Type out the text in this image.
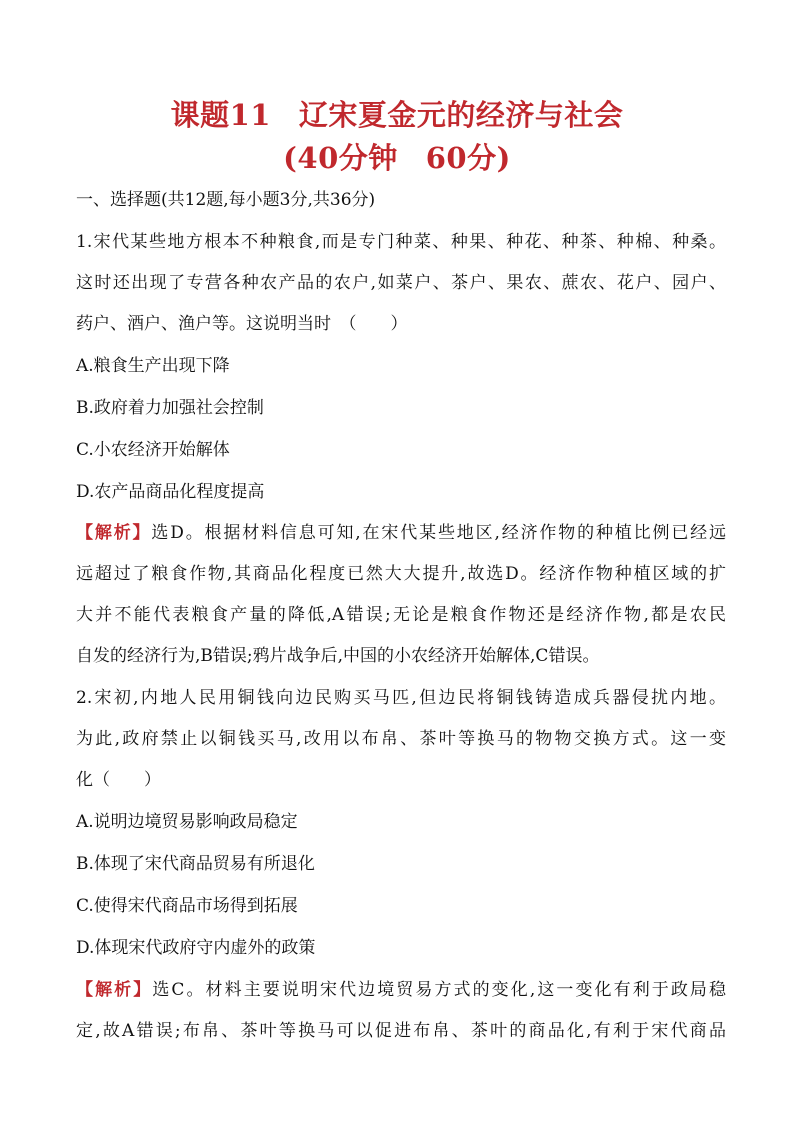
课题11 辽宋夏金元的经济与社会
(40分钟 60分)
一、选择题(共12题,每小题3分,共36分)
1.宋代某些地方根本不种粮食,而是专门种菜、种果、种花、种茶、种棉、种桑。
这时还出现了专营各种农产品的农户,如菜户、茶户、果农、蔗农、花户、园户、
药户、酒户、渔户等。这说明当时　（　　）
A.粮食生产出现下降
B.政府着力加强社会控制
C.小农经济开始解体
D.农产品商品化程度提高
【解析】选D。根据材料信息可知,在宋代某些地区,经济作物的种植比例已经远
远超过了粮食作物,其商品化程度已然大大提升,故选D。经济作物种植区域的扩
大并不能代表粮食产量的降低,A错误;无论是粮食作物还是经济作物,都是农民
自发的经济行为,B错误;鸦片战争后,中国的小农经济开始解体,C错误。
2.宋初,内地人民用铜钱向边民购买马匹,但边民将铜钱铸造成兵器侵扰内地。
为此,政府禁止以铜钱买马,改用以布帛、茶叶等换马的物物交换方式。这一变
化（　　）
A.说明边境贸易影响政局稳定
B.体现了宋代商品贸易有所退化
C.使得宋代商品市场得到拓展
D.体现宋代政府守内虚外的政策
【解析】选C。材料主要说明宋代边境贸易方式的变化,这一变化有利于政局稳
定,故A错误;布帛、茶叶等换马可以促进布帛、茶叶的商品化,有利于宋代商品
